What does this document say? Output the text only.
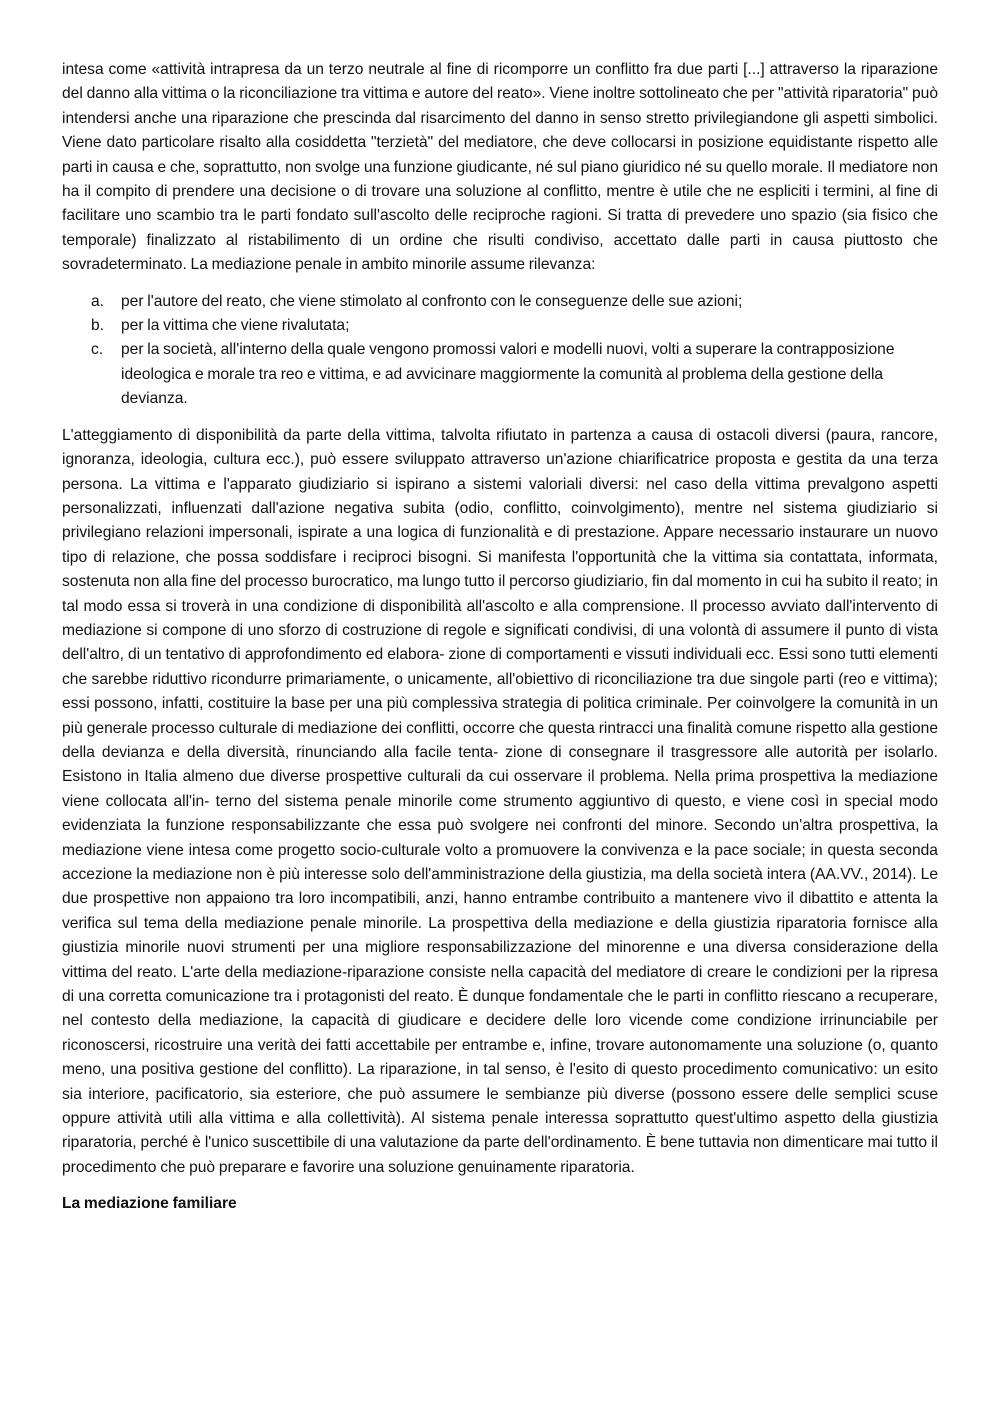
intesa come «attività intrapresa da un terzo neutrale al fine di ricomporre un conflitto fra due parti [...] attraverso la riparazione del danno alla vittima o la riconciliazione tra vittima e autore del reato». Viene inoltre sottolineato che per "attività riparatoria" può intendersi anche una riparazione che prescinda dal risarcimento del danno in senso stretto privilegiandone gli aspetti simbolici. Viene dato particolare risalto alla cosiddetta "terzietà" del mediatore, che deve collocarsi in posizione equidistante rispetto alle parti in causa e che, soprattutto, non svolge una funzione giudicante, né sul piano giuridico né su quello morale. Il mediatore non ha il compito di prendere una decisione o di trovare una soluzione al conflitto, mentre è utile che ne espliciti i termini, al fine di facilitare uno scambio tra le parti fondato sull'ascolto delle reciproche ragioni. Si tratta di prevedere uno spazio (sia fisico che temporale) finalizzato al ristabilimento di un ordine che risulti condiviso, accettato dalle parti in causa piuttosto che sovradeterminato. La mediazione penale in ambito minorile assume rilevanza:

a. per l'autore del reato, che viene stimolato al confronto con le conseguenze delle sue azioni;
b. per la vittima che viene rivalutata;
c. per la società, all'interno della quale vengono promossi valori e modelli nuovi, volti a superare la contrapposizione ideologica e morale tra reo e vittima, e ad avvicinare maggiormente la comunità al problema della gestione della devianza.

L'atteggiamento di disponibilità da parte della vittima, talvolta rifiutato in partenza a causa di ostacoli diversi (paura, rancore, ignoranza, ideologia, cultura ecc.), può essere sviluppato attraverso un'azione chiarificatrice proposta e gestita da una terza persona. La vittima e l'apparato giudiziario si ispirano a sistemi valoriali diversi: nel caso della vittima prevalgono aspetti personalizzati, influenzati dall'azione negativa subita (odio, conflitto, coinvolgimento), mentre nel sistema giudiziario si privilegiano relazioni impersonali, ispirate a una logica di funzionalità e di prestazione. Appare necessario instaurare un nuovo tipo di relazione, che possa soddisfare i reciproci bisogni. Si manifesta l'opportunità che la vittima sia contattata, informata, sostenuta non alla fine del processo burocratico, ma lungo tutto il percorso giudiziario, fin dal momento in cui ha subito il reato; in tal modo essa si troverà in una condizione di disponibilità all'ascolto e alla comprensione. Il processo avviato dall'intervento di mediazione si compone di uno sforzo di costruzione di regole e significati condivisi, di una volontà di assumere il punto di vista dell'altro, di un tentativo di approfondimento ed elabora- zione di comportamenti e vissuti individuali ecc. Essi sono tutti elementi che sarebbe riduttivo ricondurre primariamente, o unicamente, all'obiettivo di riconciliazione tra due singole parti (reo e vittima); essi possono, infatti, costituire la base per una più complessiva strategia di politica criminale. Per coinvolgere la comunità in un più generale processo culturale di mediazione dei conflitti, occorre che questa rintracci una finalità comune rispetto alla gestione della devianza e della diversità, rinunciando alla facile tenta- zione di consegnare il trasgressore alle autorità per isolarlo. Esistono in Italia almeno due diverse prospettive culturali da cui osservare il problema. Nella prima prospettiva la mediazione viene collocata all'in- terno del sistema penale minorile come strumento aggiuntivo di questo, e viene così in special modo evidenziata la funzione responsabilizzante che essa può svolgere nei confronti del minore. Secondo un'altra prospettiva, la mediazione viene intesa come progetto socio-culturale volto a promuovere la convivenza e la pace sociale; in questa seconda accezione la mediazione non è più interesse solo dell'amministrazione della giustizia, ma della società intera (AA.VV., 2014). Le due prospettive non appaiono tra loro incompatibili, anzi, hanno entrambe contribuito a mantenere vivo il dibattito e attenta la verifica sul tema della mediazione penale minorile. La prospettiva della mediazione e della giustizia riparatoria fornisce alla giustizia minorile nuovi strumenti per una migliore responsabilizzazione del minorenne e una diversa considerazione della vittima del reato. L'arte della mediazione-riparazione consiste nella capacità del mediatore di creare le condizioni per la ripresa di una corretta comunicazione tra i protagonisti del reato. È dunque fondamentale che le parti in conflitto riescano a recuperare, nel contesto della mediazione, la capacità di giudicare e decidere delle loro vicende come condizione irrinunciabile per riconoscersi, ricostruire una verità dei fatti accettabile per entrambe e, infine, trovare autonomamente una soluzione (o, quanto meno, una positiva gestione del conflitto). La riparazione, in tal senso, è l'esito di questo procedimento comunicativo: un esito sia interiore, pacificatorio, sia esteriore, che può assumere le sembianze più diverse (possono essere delle semplici scuse oppure attività utili alla vittima e alla collettività). Al sistema penale interessa soprattutto quest'ultimo aspetto della giustizia riparatoria, perché è l'unico suscettibile di una valutazione da parte dell'ordinamento. È bene tuttavia non dimenticare mai tutto il procedimento che può preparare e favorire una soluzione genuinamente riparatoria.

La mediazione familiare
